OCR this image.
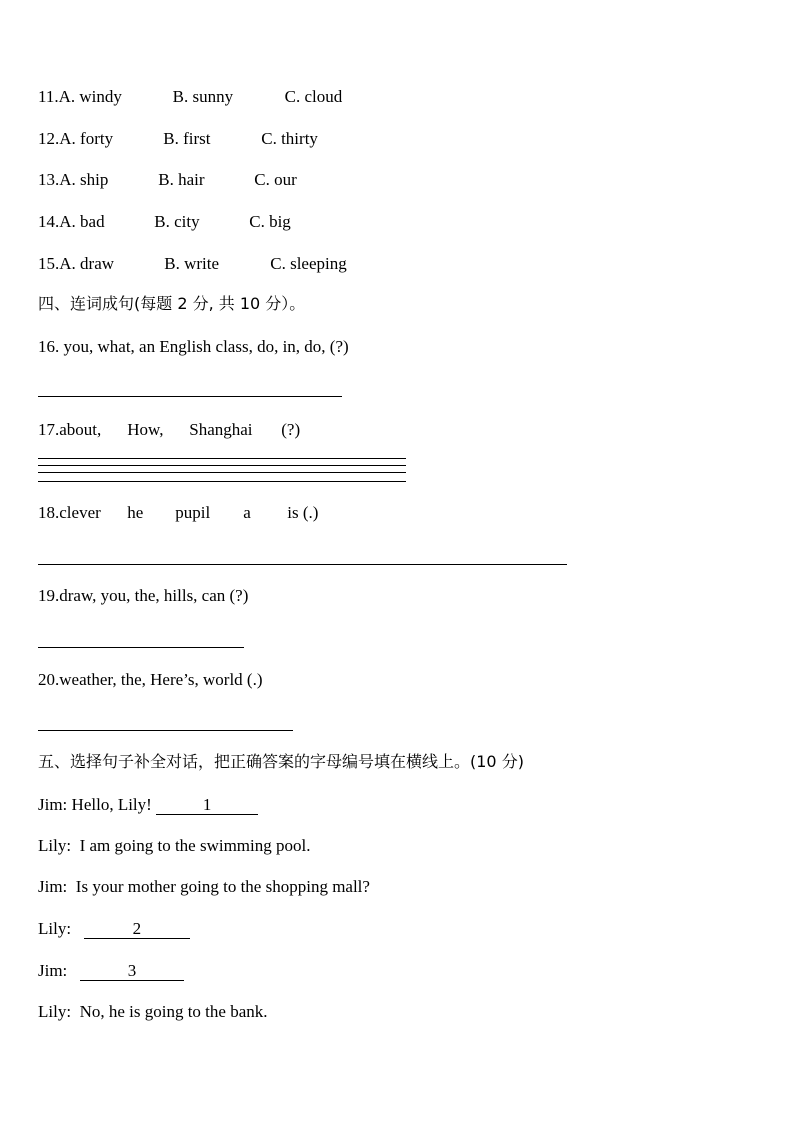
11.A. windy	B. sunny	C. cloud
12.A. forty	B. first	C. thirty
13.A. ship	B. hair	C. our
14.A. bad	B. city	C. big
15.A. draw	B. write	C. sleeping
四、连词成句(每题 2 分, 共 10 分）。
16. you, what, an English class, do, in, do, (?)
17.about, How, Shanghai (?)
18.clever he pupil a is (.)
19.draw, you, the, hills, can (?)
20.weather, the, Here’s, world (.)
五、选择句子补全对话，把正确答案的字母编号填在横线上。(10 分)
Jim: Hello, Lily!	1
Lily: I am going to the swimming pool.
Jim: Is your mother going to the shopping mall?
Lily:	2
Jim:	3
Lily: No, he is going to the bank.
